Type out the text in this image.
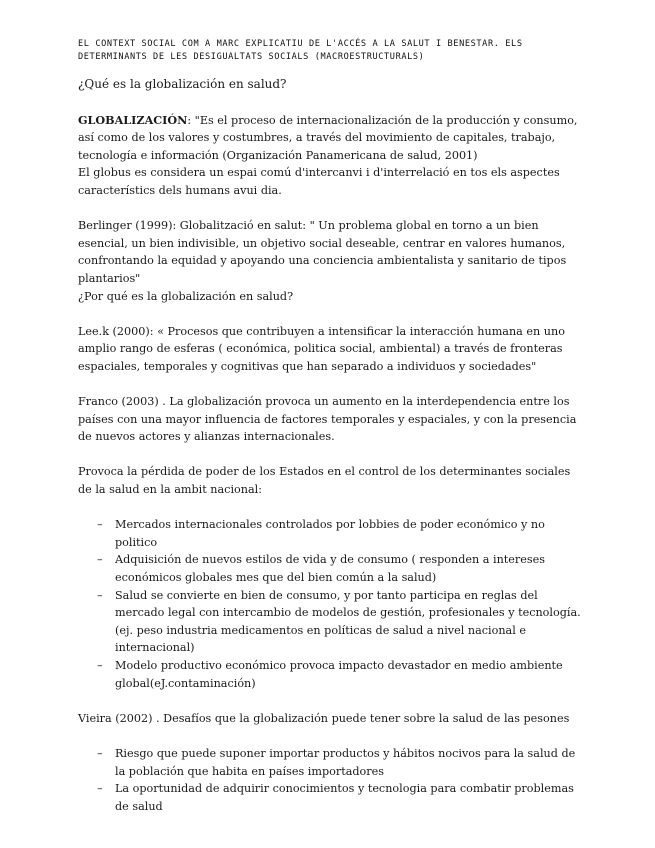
EL CONTEXT SOCIAL COM A MARC EXPLICATIU DE L'ACCÉS A LA SALUT I BENESTAR. ELS
DETERMINANTS DE LES DESIGUALTATS SOCIALS (MACROESTRUCTURALS)

¿Qué es la globalización en salud?

GLOBALIZACIÓN: "Es el proceso de internacionalización de la producción y consumo, así como de los valores y costumbres, a través del movimiento de capitales, trabajo, tecnología e información (Organización Panamericana de salud, 2001)

El globus es considera un espai comú d'intercanvi i d'interrelació en tos els aspectes característics dels humans avui dia.

Berlinger (1999): Globalització en salut: " Un problema global en torno a un bien esencial, un bien indivisible, un objetivo social deseable, centrar en valores humanos, confrontando la equidad y apoyando una conciencia ambientalista y sanitario de tipos plantarios"

¿Por qué es la globalización en salud?

Lee.k (2000): « Procesos que contribuyen a intensificar la interacción humana en uno amplio rango de esferas ( económica, politica social, ambiental) a través de fronteras espaciales, temporales y cognitivas que han separado a individuos y sociedades"

Franco (2003) . La globalización provoca un aumento en la interdependencia entre los países con una mayor influencia de factores temporales y espaciales, y con la presencia de nuevos actores y alianzas internacionales.

Provoca la pérdida de poder de los Estados en el control de los determinantes sociales de la salud en la ambit nacional:

– Mercados internacionales controlados por lobbies de poder económico y no politico
– Adquisición de nuevos estilos de vida y de consumo ( responden a intereses económicos globales mes que del bien común a la salud)
– Salud se convierte en bien de consumo, y por tanto participa en reglas del mercado legal con intercambio de modelos de gestión, profesionales y tecnología. (ej. peso industria medicamentos en políticas de salud a nivel nacional e internacional)
– Modelo productivo económico provoca impacto devastador en medio ambiente global(eJ.contaminación)

Vieira (2002) . Desafíos que la globalización puede tener sobre la salud de las pesones

– Riesgo que puede suponer importar productos y hábitos nocivos para la salud de la población que habita en países importadores
– La oportunidad de adquirir conocimientos y tecnologia para combatir problemas de salud
